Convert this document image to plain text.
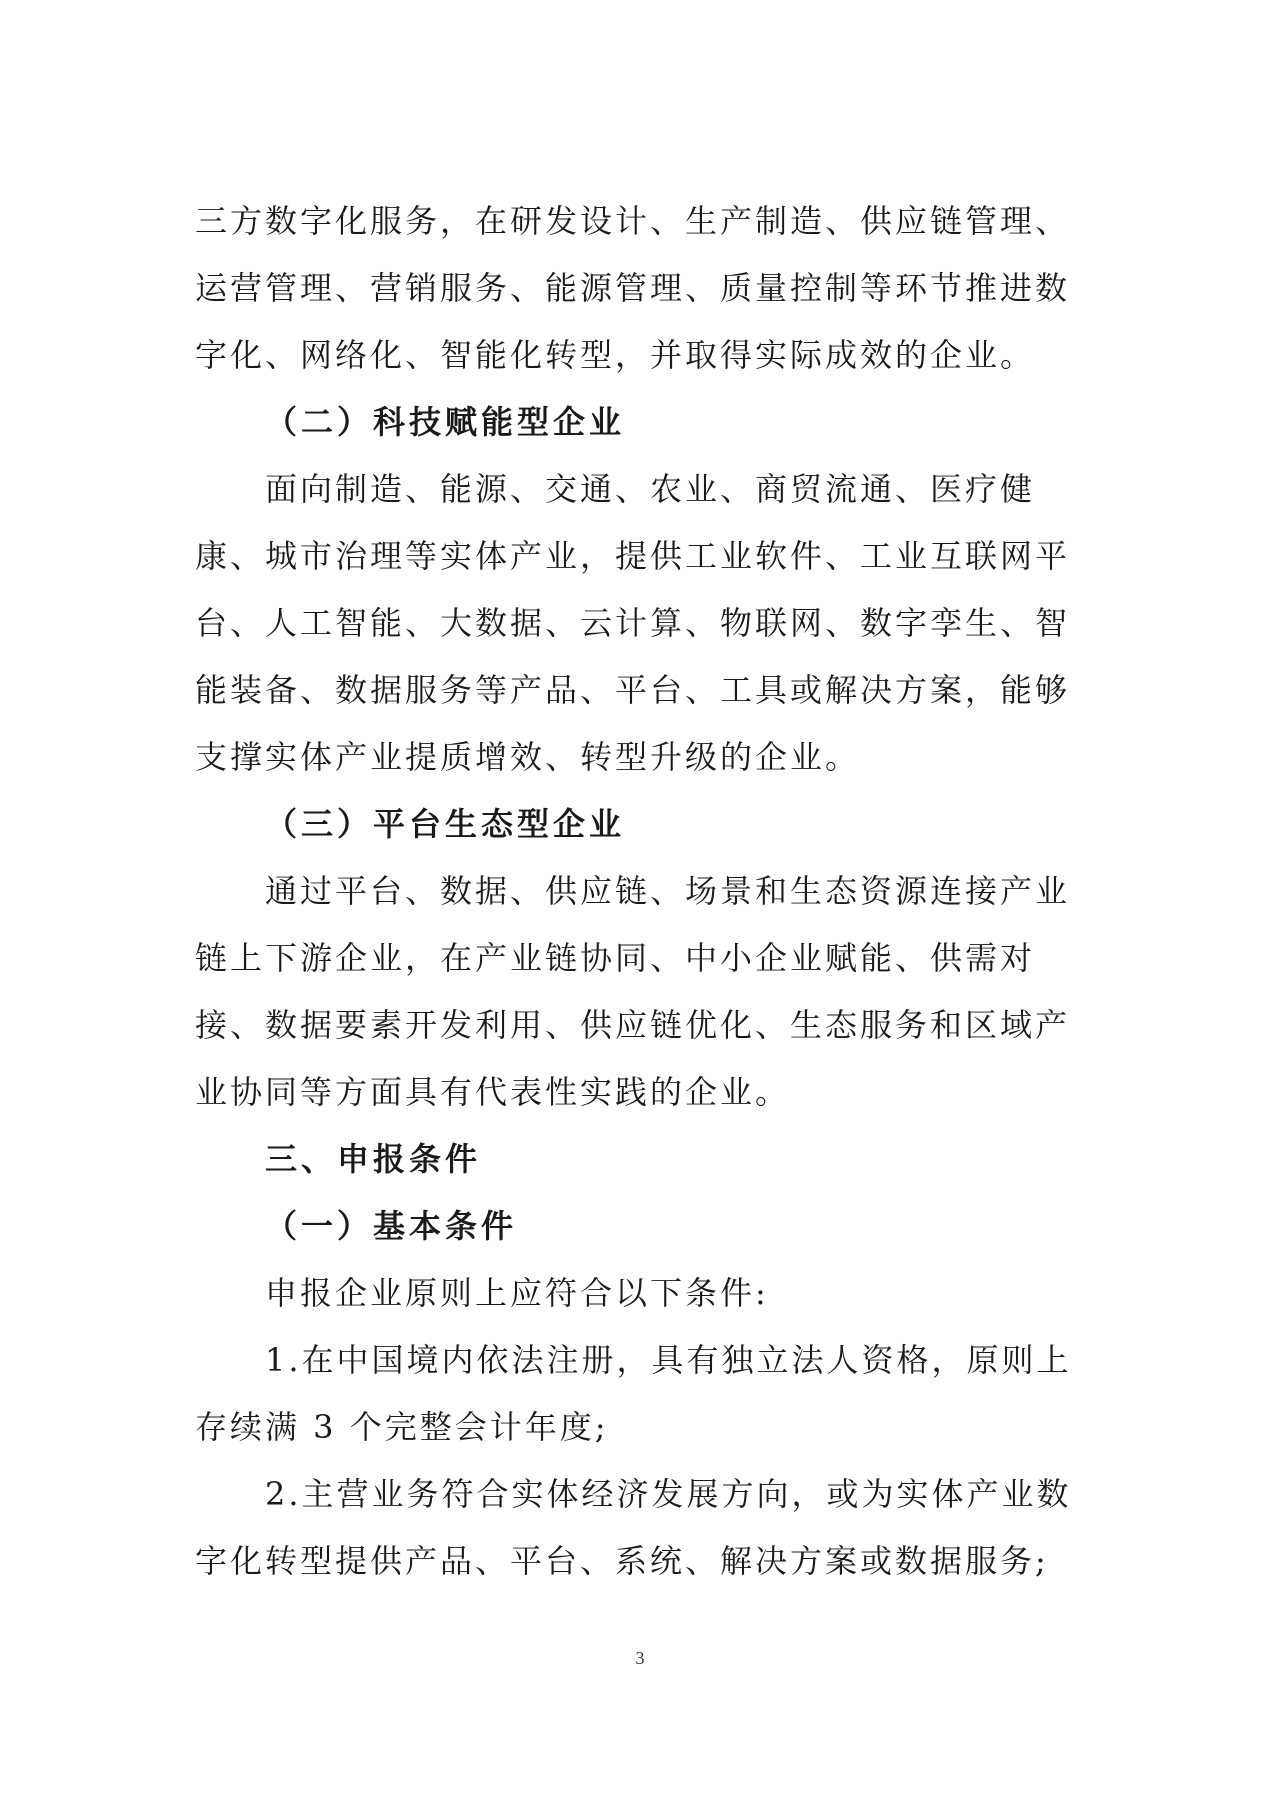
三方数字化服务，在研发设计、生产制造、供应链管理、
运营管理、营销服务、能源管理、质量控制等环节推进数
字化、网络化、智能化转型，并取得实际成效的企业。
（二）科技赋能型企业
面向制造、能源、交通、农业、商贸流通、医疗健
康、城市治理等实体产业，提供工业软件、工业互联网平
台、人工智能、大数据、云计算、物联网、数字孪生、智
能装备、数据服务等产品、平台、工具或解决方案，能够
支撑实体产业提质增效、转型升级的企业。
（三）平台生态型企业
通过平台、数据、供应链、场景和生态资源连接产业
链上下游企业，在产业链协同、中小企业赋能、供需对
接、数据要素开发利用、供应链优化、生态服务和区域产
业协同等方面具有代表性实践的企业。
三、申报条件
（一）基本条件
申报企业原则上应符合以下条件:
1.在中国境内依法注册，具有独立法人资格，原则上
存续满 3 个完整会计年度;
2.主营业务符合实体经济发展方向，或为实体产业数
字化转型提供产品、平台、系统、解决方案或数据服务;
3
